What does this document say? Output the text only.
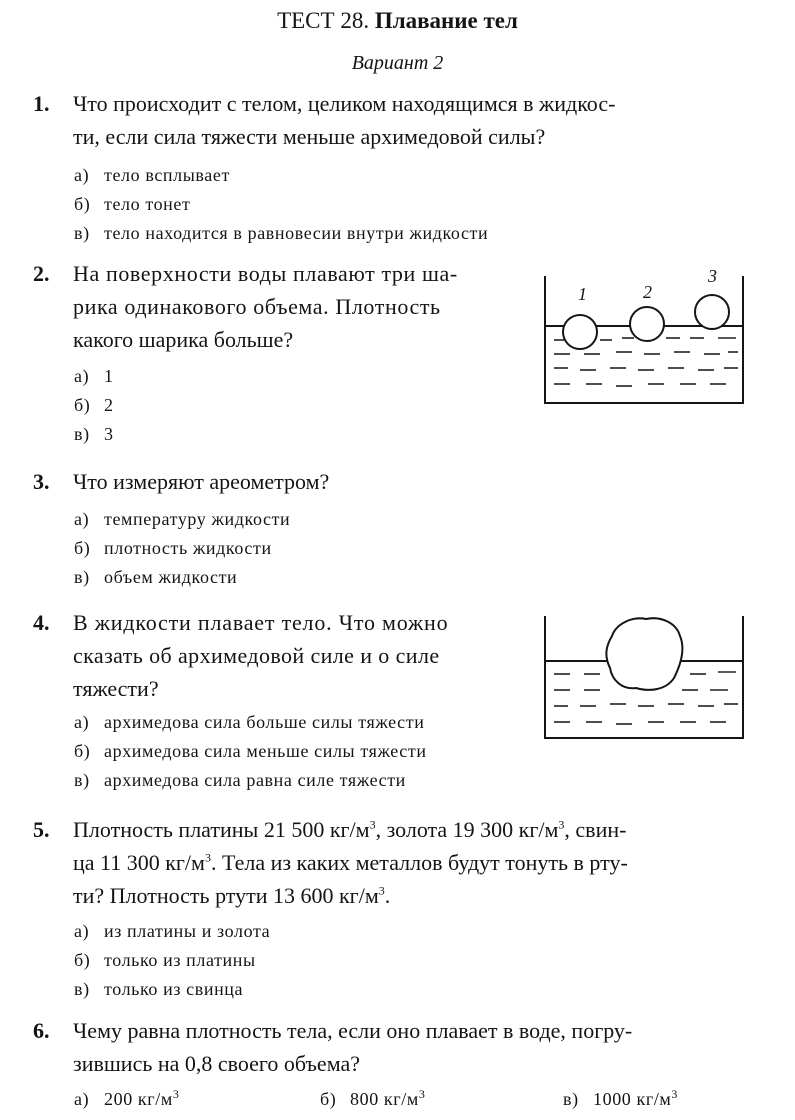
ТЕСТ 28. Плавание тел
Вариант 2
1. Что происходит с телом, целиком находящимся в жидкос-
ти, если сила тяжести меньше архимедовой силы?
а) тело всплывает
б) тело тонет
в) тело находится в равновесии внутри жидкости
2. На поверхности воды плавают три ша-
рика одинакового объема. Плотность
какого шарика больше?
а) 1
б) 2
в) 3
1	2
3
3. Что измеряют ареометром?
а) температуру жидкости
б) плотность жидкости
в) объем жидкости
4. В жидкости плавает тело. Что можно
сказать об архимедовой силе и о силе
тяжести?
а) архимедова сила больше силы тяжести
б) архимедова сила меньше силы тяжести
в) архимедова сила равна силе тяжести
5. Плотность платины 21 500 $кг/м^3$, золота 19 300 $кг/м^3$, свин-
ца 11 300 $кг/м^3$. Тела из каких металлов будут тонуть в рту-
ти? Плотность ртути 13 600 $кг/м^3$.
а) из платины и золота
б) только из платины
в) только из свинца
6. Чему равна плотность тела, если оно плавает в воде, погру-
зившись на 0,8 своего объема?
а) 200 $кг/м^3$	б) 800 $кг/м^3$	в) 1000 $кг/м^3$
